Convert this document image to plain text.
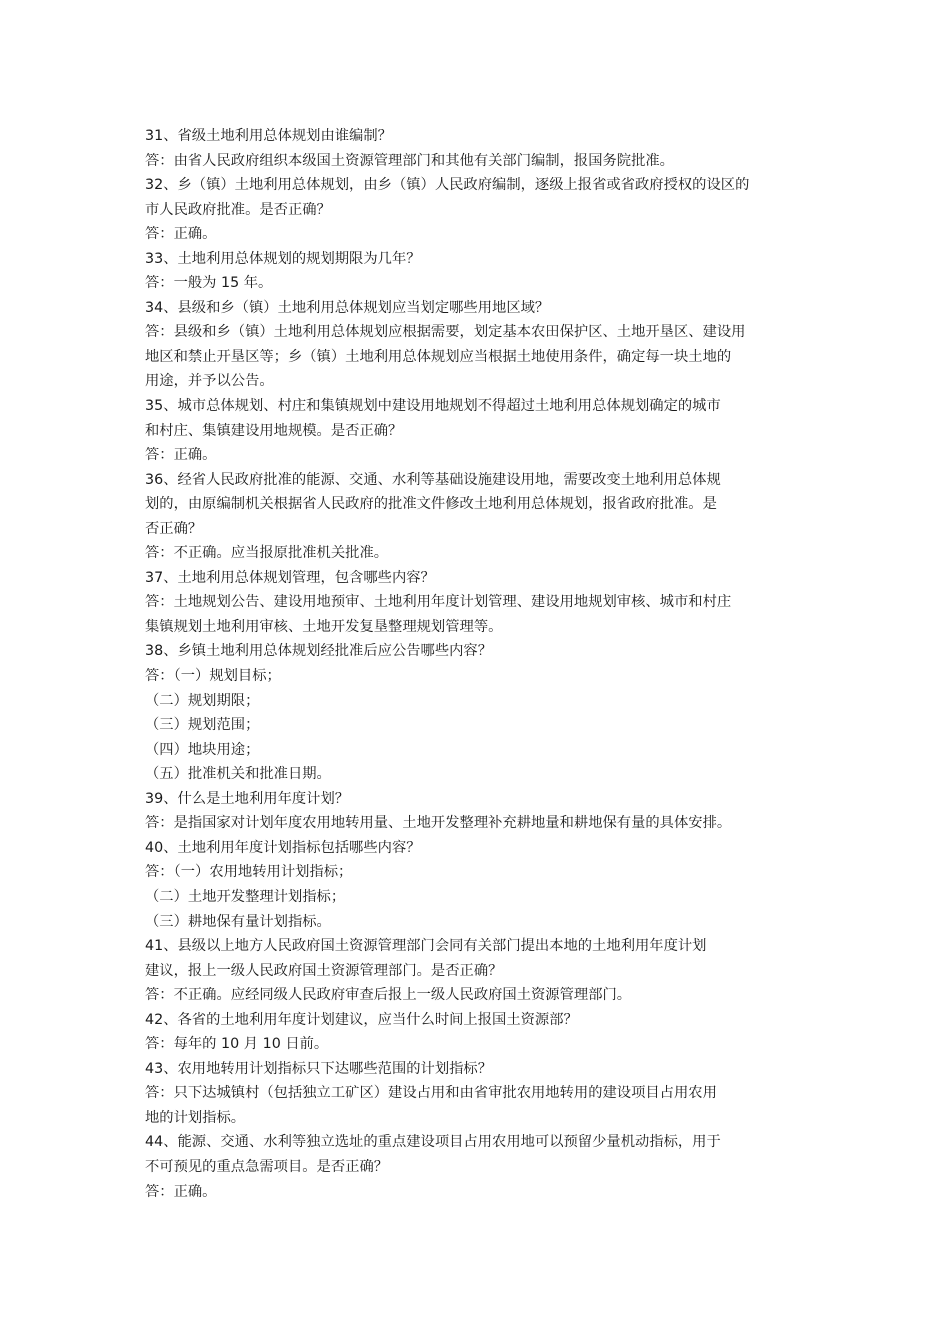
31、省级土地利用总体规划由谁编制？

答：由省人民政府组织本级国土资源管理部门和其他有关部门编制，报国务院批准。

32、乡（镇）土地利用总体规划，由乡（镇）人民政府编制，逐级上报省或省政府授权的设区的

市人民政府批准。是否正确？

答：正确。

33、土地利用总体规划的规划期限为几年？

答：一般为 15 年。

34、县级和乡（镇）土地利用总体规划应当划定哪些用地区域？

答：县级和乡（镇）土地利用总体规划应根据需要，划定基本农田保护区、土地开垦区、建设用

地区和禁止开垦区等；乡（镇）土地利用总体规划应当根据土地使用条件，确定每一块土地的

用途，并予以公告。

35、城市总体规划、村庄和集镇规划中建设用地规划不得超过土地利用总体规划确定的城市

和村庄、集镇建设用地规模。是否正确？

答：正确。

36、经省人民政府批准的能源、交通、水利等基础设施建设用地，需要改变土地利用总体规

划的，由原编制机关根据省人民政府的批准文件修改土地利用总体规划，报省政府批准。是

否正确？

答：不正确。应当报原批准机关批准。

37、土地利用总体规划管理，包含哪些内容？

答：土地规划公告、建设用地预审、土地利用年度计划管理、建设用地规划审核、城市和村庄

集镇规划土地利用审核、土地开发复垦整理规划管理等。

38、乡镇土地利用总体规划经批准后应公告哪些内容？

答：（一）规划目标；

（二）规划期限；

（三）规划范围；

（四）地块用途；

（五）批准机关和批准日期。

39、什么是土地利用年度计划？

答：是指国家对计划年度农用地转用量、土地开发整理补充耕地量和耕地保有量的具体安排。

40、土地利用年度计划指标包括哪些内容？

答：（一）农用地转用计划指标；

（二）土地开发整理计划指标；

（三）耕地保有量计划指标。

41、县级以上地方人民政府国土资源管理部门会同有关部门提出本地的土地利用年度计划

建议，报上一级人民政府国土资源管理部门。是否正确？

答：不正确。应经同级人民政府审查后报上一级人民政府国土资源管理部门。

42、各省的土地利用年度计划建议，应当什么时间上报国土资源部？

答：每年的 10 月 10 日前。

43、农用地转用计划指标只下达哪些范围的计划指标？

答：只下达城镇村（包括独立工矿区）建设占用和由省审批农用地转用的建设项目占用农用

地的计划指标。

44、能源、交通、水利等独立选址的重点建设项目占用农用地可以预留少量机动指标，用于

不可预见的重点急需项目。是否正确？

答：正确。
